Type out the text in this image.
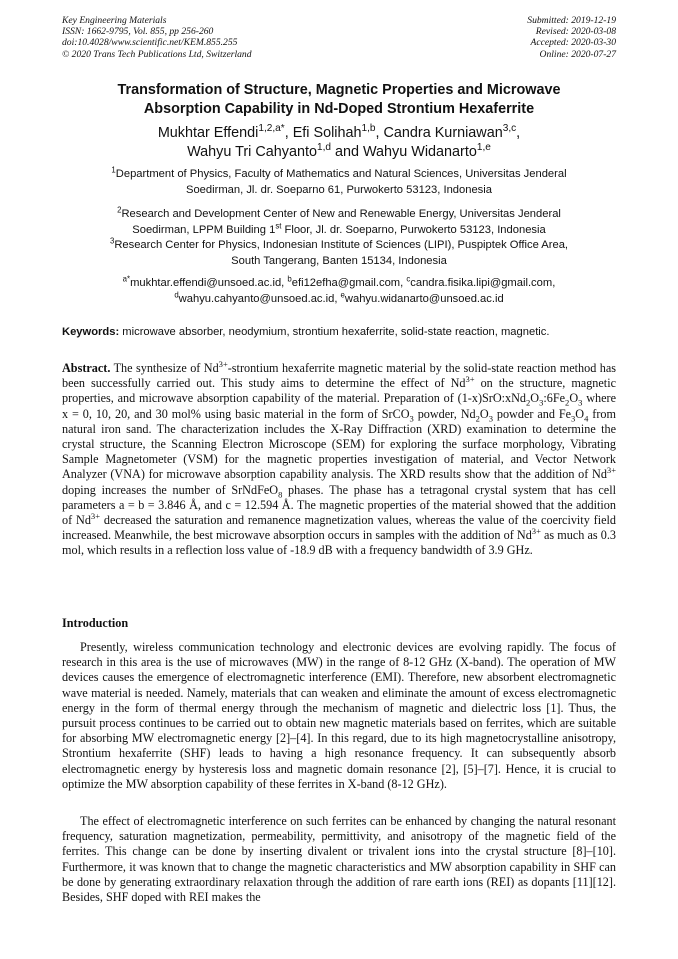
Key Engineering Materials
ISSN: 1662-9795, Vol. 855, pp 256-260
doi:10.4028/www.scientific.net/KEM.855.255
© 2020 Trans Tech Publications Ltd, Switzerland
Submitted: 2019-12-19
Revised: 2020-03-08
Accepted: 2020-03-30
Online: 2020-07-27
Transformation of Structure, Magnetic Properties and Microwave
Absorption Capability in Nd-Doped Strontium Hexaferrite
Mukhtar Effendi$^{1,2,a*}$, Efi Solihah$^{1,b}$, Candra Kurniawan$^{3,c}$,
Wahyu Tri Cahyanto$^{1,d}$ and Wahyu Widanarto$^{1,e}$
$^1$Department of Physics, Faculty of Mathematics and Natural Sciences, Universitas Jenderal
Soedirman, Jl. dr. Soeparno 61, Purwokerto 53123, Indonesia
$^2$Research and Development Center of New and Renewable Energy, Universitas Jenderal
Soedirman, LPPM Building 1st Floor, Jl. dr. Soeparno, Purwokerto 53123, Indonesia
$^3$Research Center for Physics, Indonesian Institute of Sciences (LIPI), Puspiptek Office Area,
South Tangerang, Banten 15134, Indonesia
$^{a*}$mukhtar.effendi@unsoed.ac.id, $^b$efi12efha@gmail.com, $^c$candra.fisika.lipi@gmail.com,
$^d$wahyu.cahyanto@unsoed.ac.id, $^e$wahyu.widanarto@unsoed.ac.id
Keywords: microwave absorber, neodymium, strontium hexaferrite, solid-state reaction, magnetic.
Abstract. The synthesize of $Nd^{3+}$-strontium hexaferrite magnetic material by the solid-state reaction method has been successfully carried out. This study aims to determine the effect of $Nd^{3+}$ on the structure, magnetic properties, and microwave absorption capability of the material. Preparation of $(1-x)SrO:xNd_2O_3:6Fe_2O_3$ where x = 0, 10, 20, and 30 mol% using basic material in the form of SrCO$_3$ powder, $Nd_2O_3$ powder and $Fe_3O_4$ from natural iron sand. The characterization includes the X-Ray Diffraction (XRD) examination to determine the crystal structure, the Scanning Electron Microscope (SEM) for exploring the surface morphology, Vibrating Sample Magnetometer (VSM) for the magnetic properties investigation of material, and Vector Network Analyzer (VNA) for microwave absorption capability analysis. The XRD results show that the addition of $Nd^{3+}$ doping increases the number of SrNdFeO$_8$ phases. The phase has a tetragonal crystal system that has cell parameters a = b = 3.846 Å, and c = 12.594 Å. The magnetic properties of the material showed that the addition of $Nd^{3+}$ decreased the saturation and remanence magnetization values, whereas the value of the coercivity field increased. Meanwhile, the best microwave absorption occurs in samples with the addition of $Nd^{3+}$ as much as 0.3 mol, which results in a reflection loss value of -18.9 dB with a frequency bandwidth of 3.9 GHz.
Introduction
Presently, wireless communication technology and electronic devices are evolving rapidly. The focus of research in this area is the use of microwaves (MW) in the range of 8-12 GHz (X-band). The operation of MW devices causes the emergence of electromagnetic interference (EMI). Therefore, new absorbent electromagnetic wave material is needed. Namely, materials that can weaken and eliminate the amount of excess electromagnetic energy in the form of thermal energy through the mechanism of magnetic and dielectric loss [1]. Thus, the pursuit process continues to be carried out to obtain new magnetic materials based on ferrites, which are suitable for absorbing MW electromagnetic energy [2]–[4]. In this regard, due to its high magnetocrystalline anisotropy, Strontium hexaferrite (SHF) leads to having a high resonance frequency. It can subsequently absorb electromagnetic energy by hysteresis loss and magnetic domain resonance [2], [5]–[7]. Hence, it is crucial to optimize the MW absorption capability of these ferrites in X-band (8-12 GHz).
The effect of electromagnetic interference on such ferrites can be enhanced by changing the natural resonant frequency, saturation magnetization, permeability, permittivity, and anisotropy of the magnetic field of the ferrites. This change can be done by inserting divalent or trivalent ions into the crystal structure [8]–[10]. Furthermore, it was known that to change the magnetic characteristics and MW absorption capability in SHF can be done by generating extraordinary relaxation through the addition of rare earth ions (REI) as dopants [11][12]. Besides, SHF doped with REI makes the
